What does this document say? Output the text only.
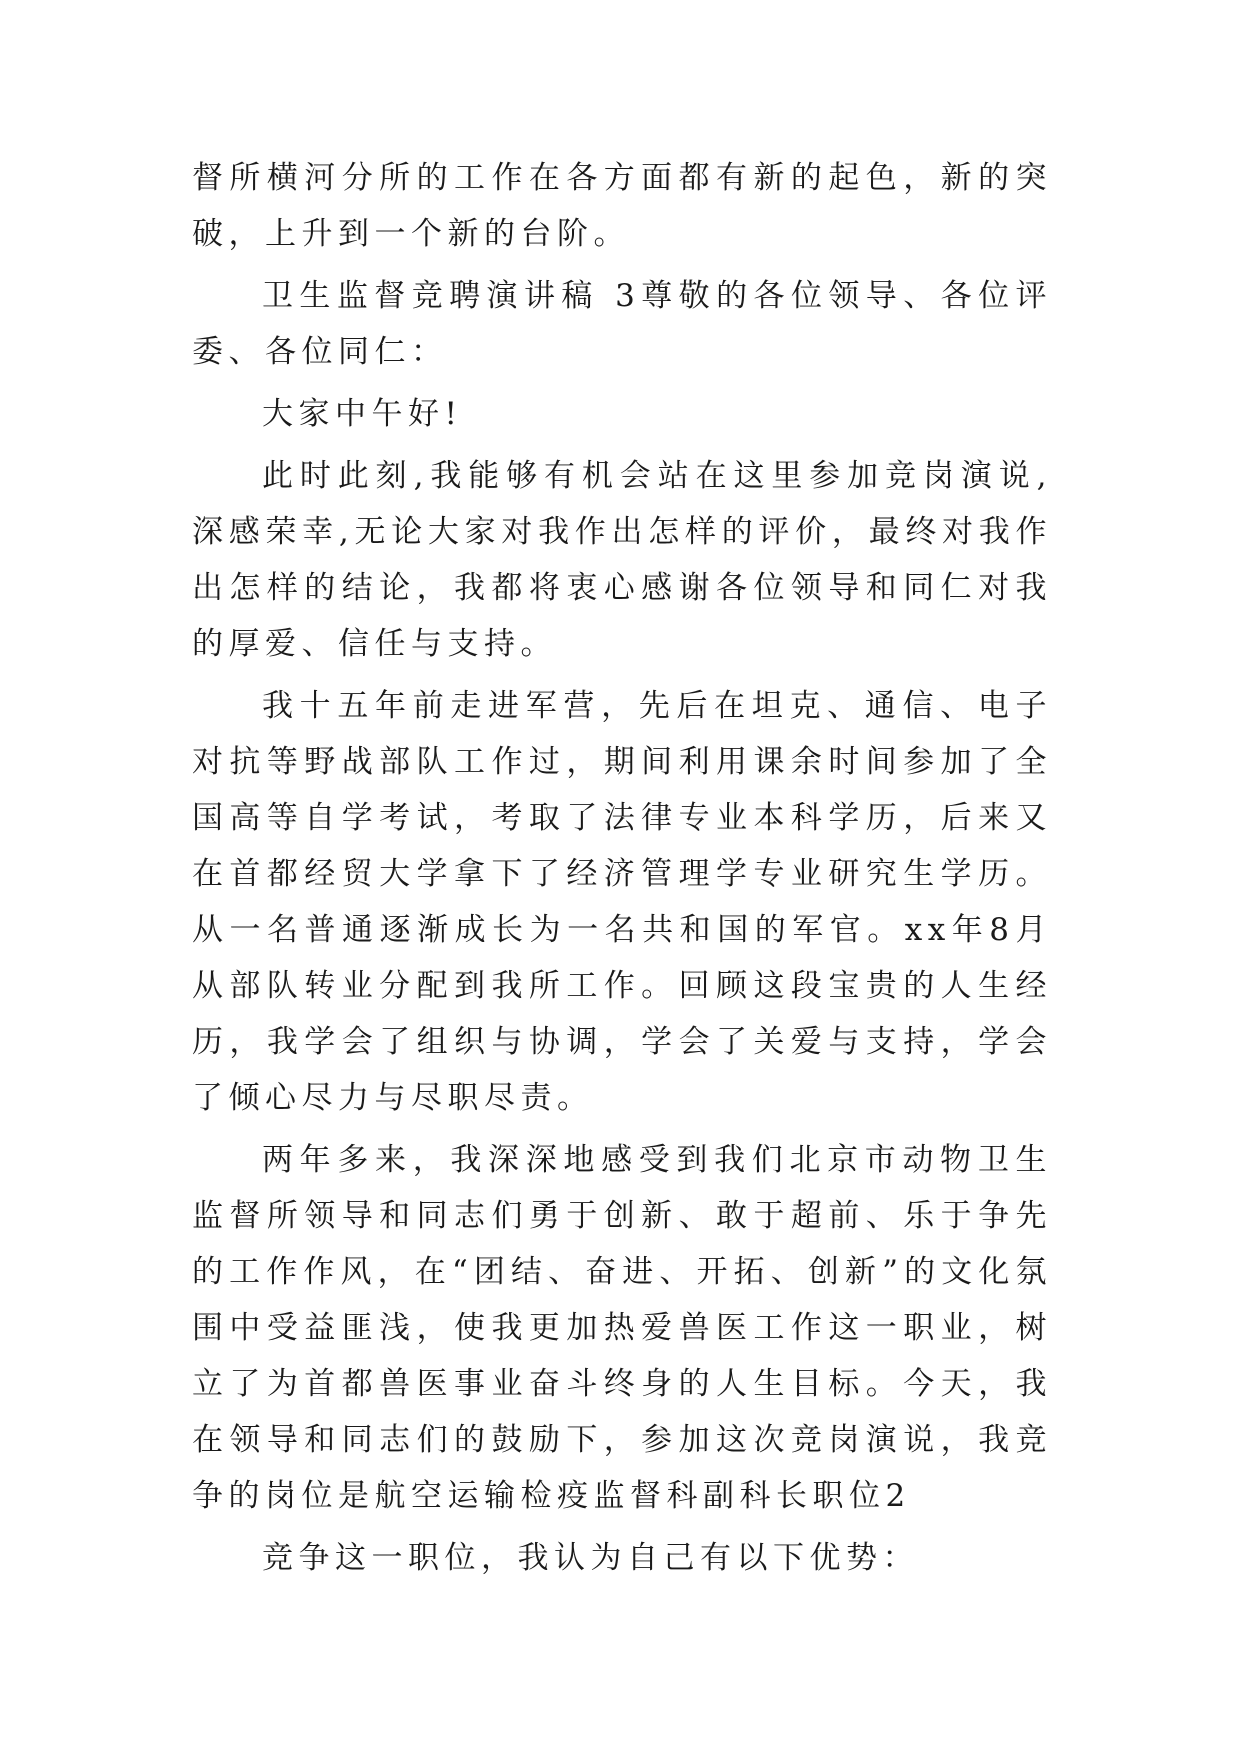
督所横河分所的工作在各方面都有新的起色，新的突破，上升到一个新的台阶。

卫生监督竞聘演讲稿 3尊敬的各位领导、各位评委、各位同仁：

大家中午好!

此时此刻,我能够有机会站在这里参加竞岗演说,深感荣幸,无论大家对我作出怎样的评价，最终对我作出怎样的结论，我都将衷心感谢各位领导和同仁对我的厚爱、信任与支持。

我十五年前走进军营，先后在坦克、通信、电子对抗等野战部队工作过，期间利用课余时间参加了全国高等自学考试，考取了法律专业本科学历，后来又在首都经贸大学拿下了经济管理学专业研究生学历。从一名普通逐渐成长为一名共和国的军官。xx年8月从部队转业分配到我所工作。回顾这段宝贵的人生经历，我学会了组织与协调，学会了关爱与支持，学会了倾心尽力与尽职尽责。

两年多来，我深深地感受到我们北京市动物卫生监督所领导和同志们勇于创新、敢于超前、乐于争先的工作作风，在“团结、奋进、开拓、创新”的文化氛围中受益匪浅，使我更加热爱兽医工作这一职业，树立了为首都兽医事业奋斗终身的人生目标。今天，我在领导和同志们的鼓励下，参加这次竞岗演说，我竞争的岗位是航空运输检疫监督科副科长职位2

竞争这一职位，我认为自己有以下优势：
